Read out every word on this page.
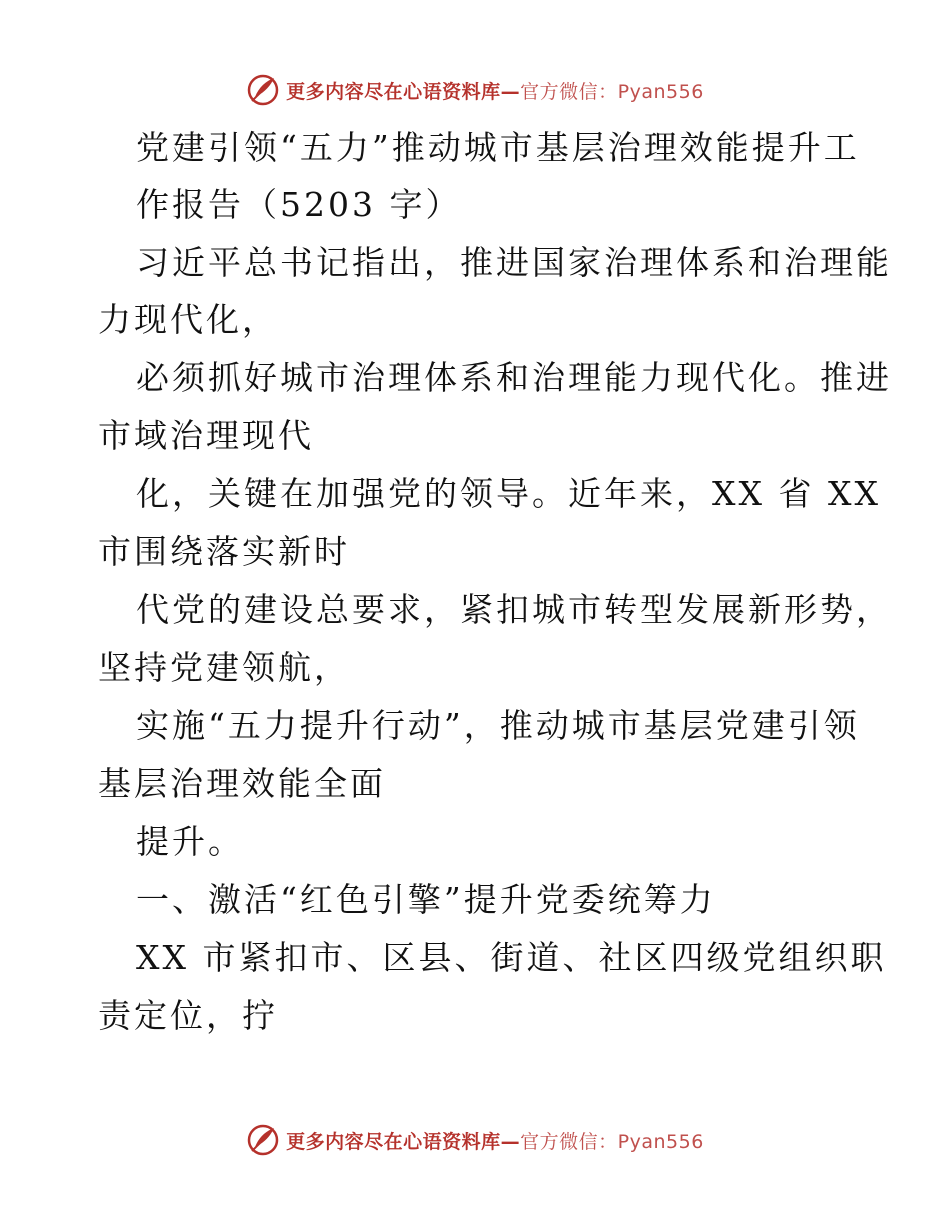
更多内容尽在心语资料库—官方微信：Pyan556
党建引领“五力”推动城市基层治理效能提升工
作报告（5203 字）
习近平总书记指出，推进国家治理体系和治理能
力现代化，
必须抓好城市治理体系和治理能力现代化。推进
市域治理现代
化，关键在加强党的领导。近年来，XX 省 XX
市围绕落实新时
代党的建设总要求，紧扣城市转型发展新形势，
坚持党建领航，
实施“五力提升行动”，推动城市基层党建引领
基层治理效能全面
提升。
一、激活“红色引擎”提升党委统筹力
XX 市紧扣市、区县、街道、社区四级党组织职
责定位，拧
更多内容尽在心语资料库—官方微信：Pyan556
